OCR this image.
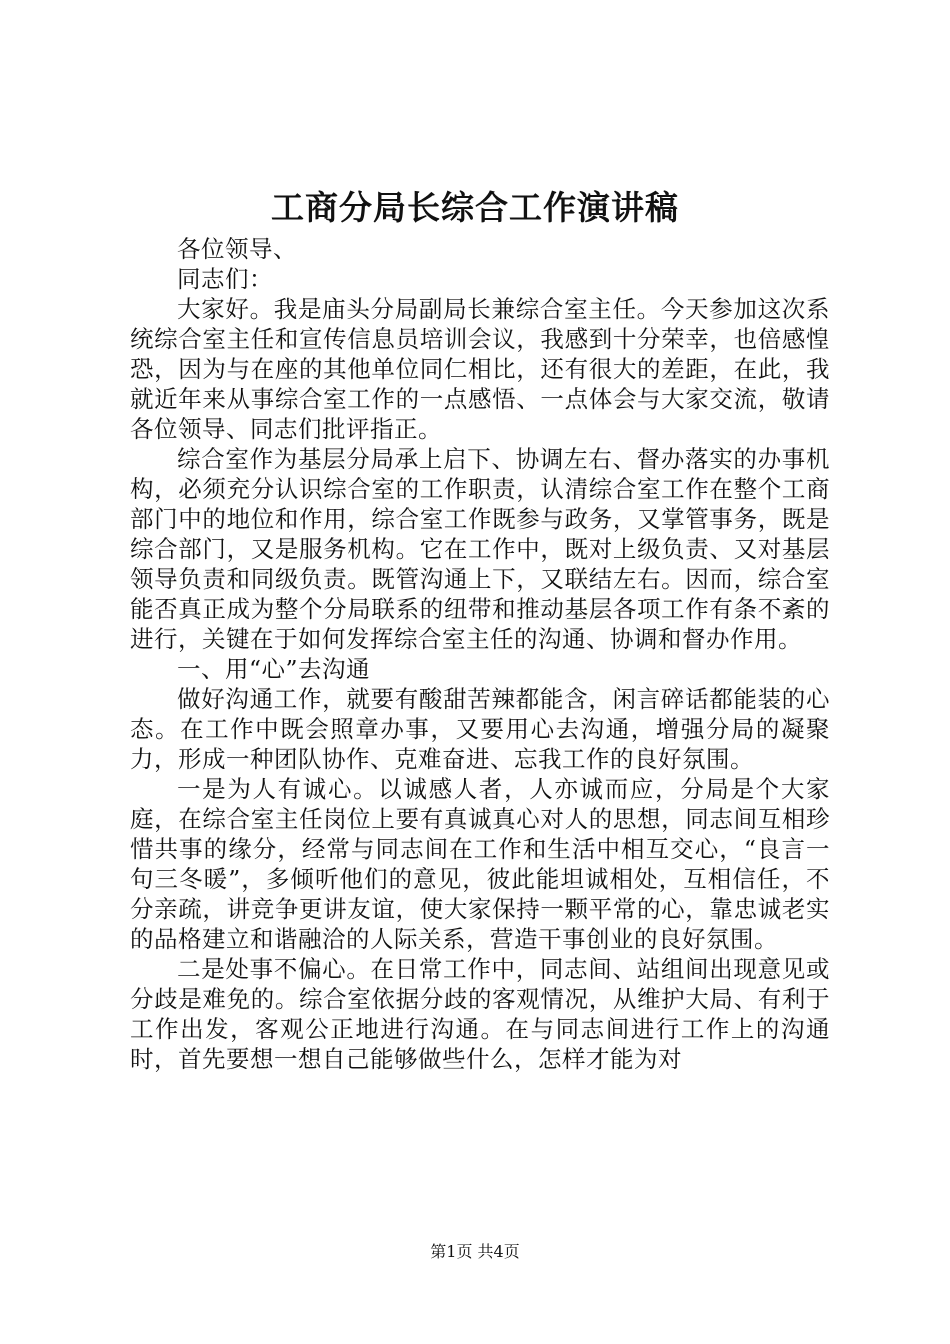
工商分局长综合工作演讲稿

各位领导、

同志们：

大家好。我是庙头分局副局长兼综合室主任。今天参加这次系统综合室主任和宣传信息员培训会议，我感到十分荣幸，也倍感惶恐，因为与在座的其他单位同仁相比，还有很大的差距，在此，我就近年来从事综合室工作的一点感悟、一点体会与大家交流，敬请各位领导、同志们批评指正。

综合室作为基层分局承上启下、协调左右、督办落实的办事机构，必须充分认识综合室的工作职责，认清综合室工作在整个工商部门中的地位和作用，综合室工作既参与政务，又掌管事务，既是综合部门，又是服务机构。它在工作中，既对上级负责、又对基层领导负责和同级负责。既管沟通上下，又联结左右。因而，综合室能否真正成为整个分局联系的纽带和推动基层各项工作有条不紊的进行，关键在于如何发挥综合室主任的沟通、协调和督办作用。

一、用“心”去沟通

做好沟通工作，就要有酸甜苦辣都能含，闲言碎话都能装的心态。在工作中既会照章办事，又要用心去沟通，增强分局的凝聚力，形成一种团队协作、克难奋进、忘我工作的良好氛围。

一是为人有诚心。以诚感人者，人亦诚而应，分局是个大家庭，在综合室主任岗位上要有真诚真心对人的思想，同志间互相珍惜共事的缘分，经常与同志间在工作和生活中相互交心，“良言一句三冬暖”，多倾听他们的意见，彼此能坦诚相处，互相信任，不分亲疏，讲竞争更讲友谊，使大家保持一颗平常的心，靠忠诚老实的品格建立和谐融洽的人际关系，营造干事创业的良好氛围。

二是处事不偏心。在日常工作中，同志间、站组间出现意见或分歧是难免的。综合室依据分歧的客观情况，从维护大局、有利于工作出发，客观公正地进行沟通。在与同志间进行工作上的沟通时，首先要想一想自己能够做些什么，怎样才能为对

第1页 共4页
